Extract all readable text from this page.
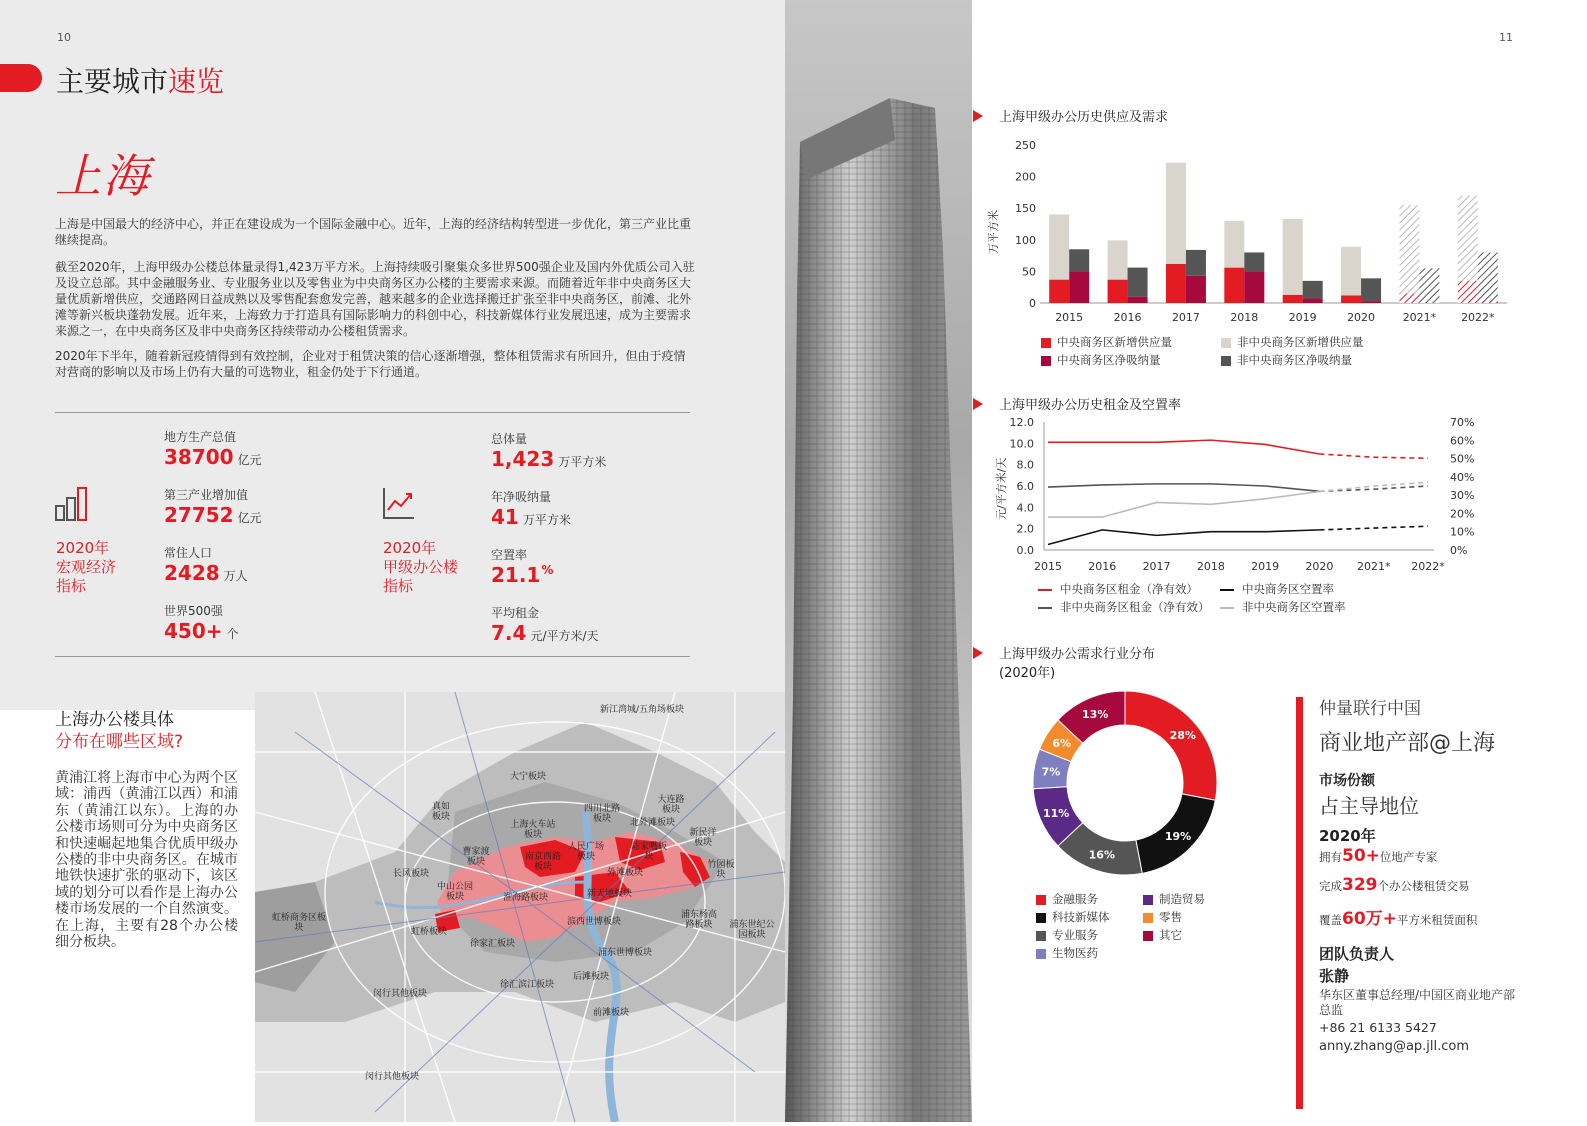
10
主要城市速览
上海
上海是中国最大的经济中心，并正在建设成为一个国际金融中心。近年，上海的经济结构转型进一步优化，第三产业比重继续提高。
截至2020年，上海甲级办公楼总体量录得1,423万平方米。上海持续吸引聚集众多世界500强企业及国内外优质公司入驻及设立总部。其中金融服务业、专业服务业以及零售业为中央商务区办公楼的主要需求来源。而随着近年非中央商务区大量优质新增供应，交通路网日益成熟以及零售配套愈发完善，越来越多的企业选择搬迁扩张至非中央商务区，前滩、北外滩等新兴板块蓬勃发展。近年来，上海致力于打造具有国际影响力的科创中心，科技新媒体行业发展迅速，成为主要需求来源之一，在中央商务区及非中央商务区持续带动办公楼租赁需求。
2020年下半年，随着新冠疫情得到有效控制，企业对于租赁决策的信心逐渐增强，整体租赁需求有所回升，但由于疫情对营商的影响以及市场上仍有大量的可选物业，租金仍处于下行通道。
2020年
宏观经济
指标
地方生产总值
38700 亿元
第三产业增加值
27752 亿元
常住人口
2428 万人
世界500强
450+ 个
2020年
甲级办公楼
指标
总体量
1,423 万平方米
年净吸纳量
41 万平方米
空置率
21.1%
平均租金
7.4 元/平方米/天
上海办公楼具体
分布在哪些区域?
黄浦江将上海市中心为两个区域：浦西（黄浦江以西）和浦东（黄浦江以东）。上海的办公楼市场则可分为中央商务区和快速崛起地集合优质甲级办公楼的非中央商务区。在城市地铁快速扩张的驱动下，该区域的划分可以看作是上海办公楼市场发展的一个自然演变。在上海，主要有28个办公楼细分板块。
新江湾城/五角场板块
大宁板块
真如板块
上海火车站板块
四川北路板块	北外滩板块
大连路板块
新民洋板块
曹家渡板块	南京西路板块
人民广场板块
陆家嘴板块
竹园板块
长风板块
中山公园板块	淮海路板块
外滩板块
新天地板块
虹桥商务区板块	虹桥板块
徐家汇板块
滨西世博板块
浦东杨高路板块	浦东世纪公园板块
浦东世博板块
后滩板块
徐汇滨江板块
闵行其他板块
前滩板块
闵行其他板块
11
上海甲级办公历史供应及需求
0
50
100
150
200
250
2015	2016	2017	2018	2019	2020	2021* 2022*
万平方米
中央商务区新增供应量	非中央商务区新增供应量
中央商务区净吸纳量	非中央商务区净吸纳量
上海甲级办公历史租金及空置率
0.0
2.0
4.0
6.0
8.0
10.0
12.0
0%
10%
20%
30%
40%
50%
60%
70%
2015 2016 2017 2018 2019 2020 2021* 2022*
元/平方米/天
中央商务区租金（净有效）	中央商务区空置率
非中央商务区租金（净有效）	非中央商务区空置率
上海甲级办公需求行业分布
(2020年)
28%
19%
16%
11%
7%
6%
13%
金融服务	制造贸易
科技新媒体	零售
专业服务	其它
生物医药
仲量联行中国
商业地产部@上海
市场份额
占主导地位
2020年
拥有50+位地产专家
完成329个办公楼租赁交易
覆盖60万+平方米租赁面积
团队负责人
张静
华东区董事总经理/中国区商业地产部总监
+86 21 6133 5427
anny.zhang@ap.jll.com
